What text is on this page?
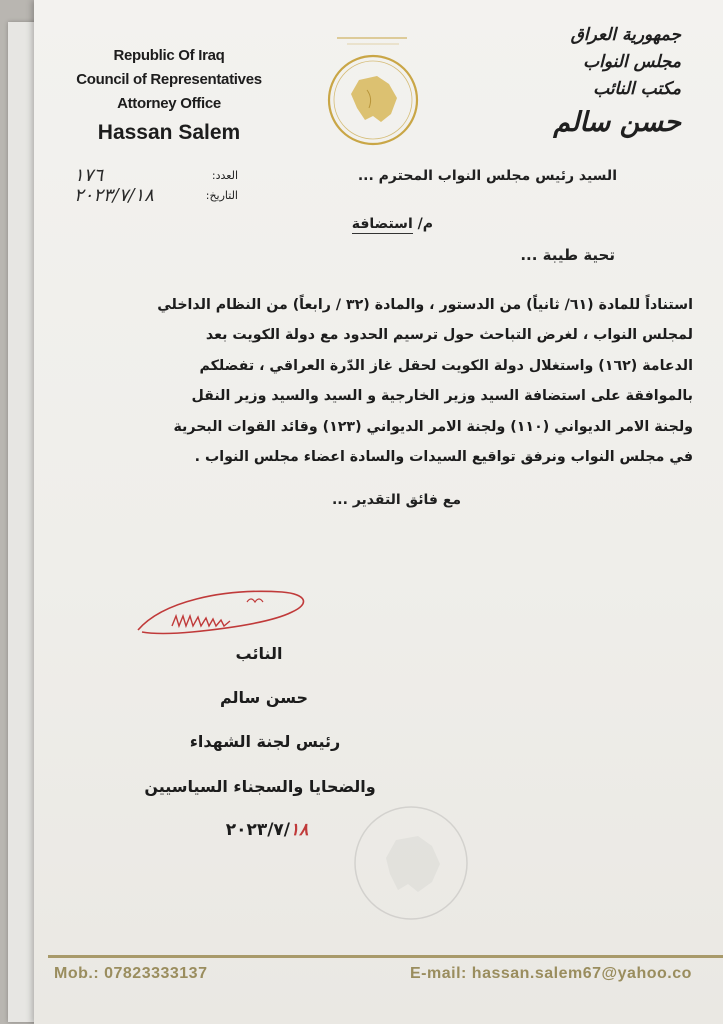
Republic Of Iraq
Council of Representatives
Attorney Office
Hassan Salem
جمهورية العراق
مجلس النواب
مكتب النائب
حسن سالم
العدد:
١٧٦
التاريخ:
٢٠٢٣/٧/١٨
السيد رئيس مجلس النواب المحترم ...
م/ استضافة
تحية طيبة ...
استناداً للمادة (٦١/ ثانياً) من الدستور ، والمادة (٣٢ / رابعاً) من النظام الداخلي
لمجلس النواب ، لغرض التباحث حول ترسيم الحدود مع دولة الكويت بعد
الدعامة (١٦٢) واستغلال دولة الكويت لحقل غاز الدّرة العراقي ، تفضلكم
بالموافقة على استضافة السيد وزير الخارجية و السيد والسيد وزير النقل
ولجنة الامر الديواني (١١٠) ولجنة الامر الديواني (١٢٣) وقائد القوات البحرية
في مجلس النواب ونرفق تواقيع السيدات والسادة اعضاء مجلس النواب .
مع فائق التقدير ...
النائب
حسن سالم
رئيس لجنة الشهداء
والضحايا والسجناء السياسيين
٢٠٢٣/٧/١٨
Mob.: 07823333137	E-mail: hassan.salem67@yahoo.co
